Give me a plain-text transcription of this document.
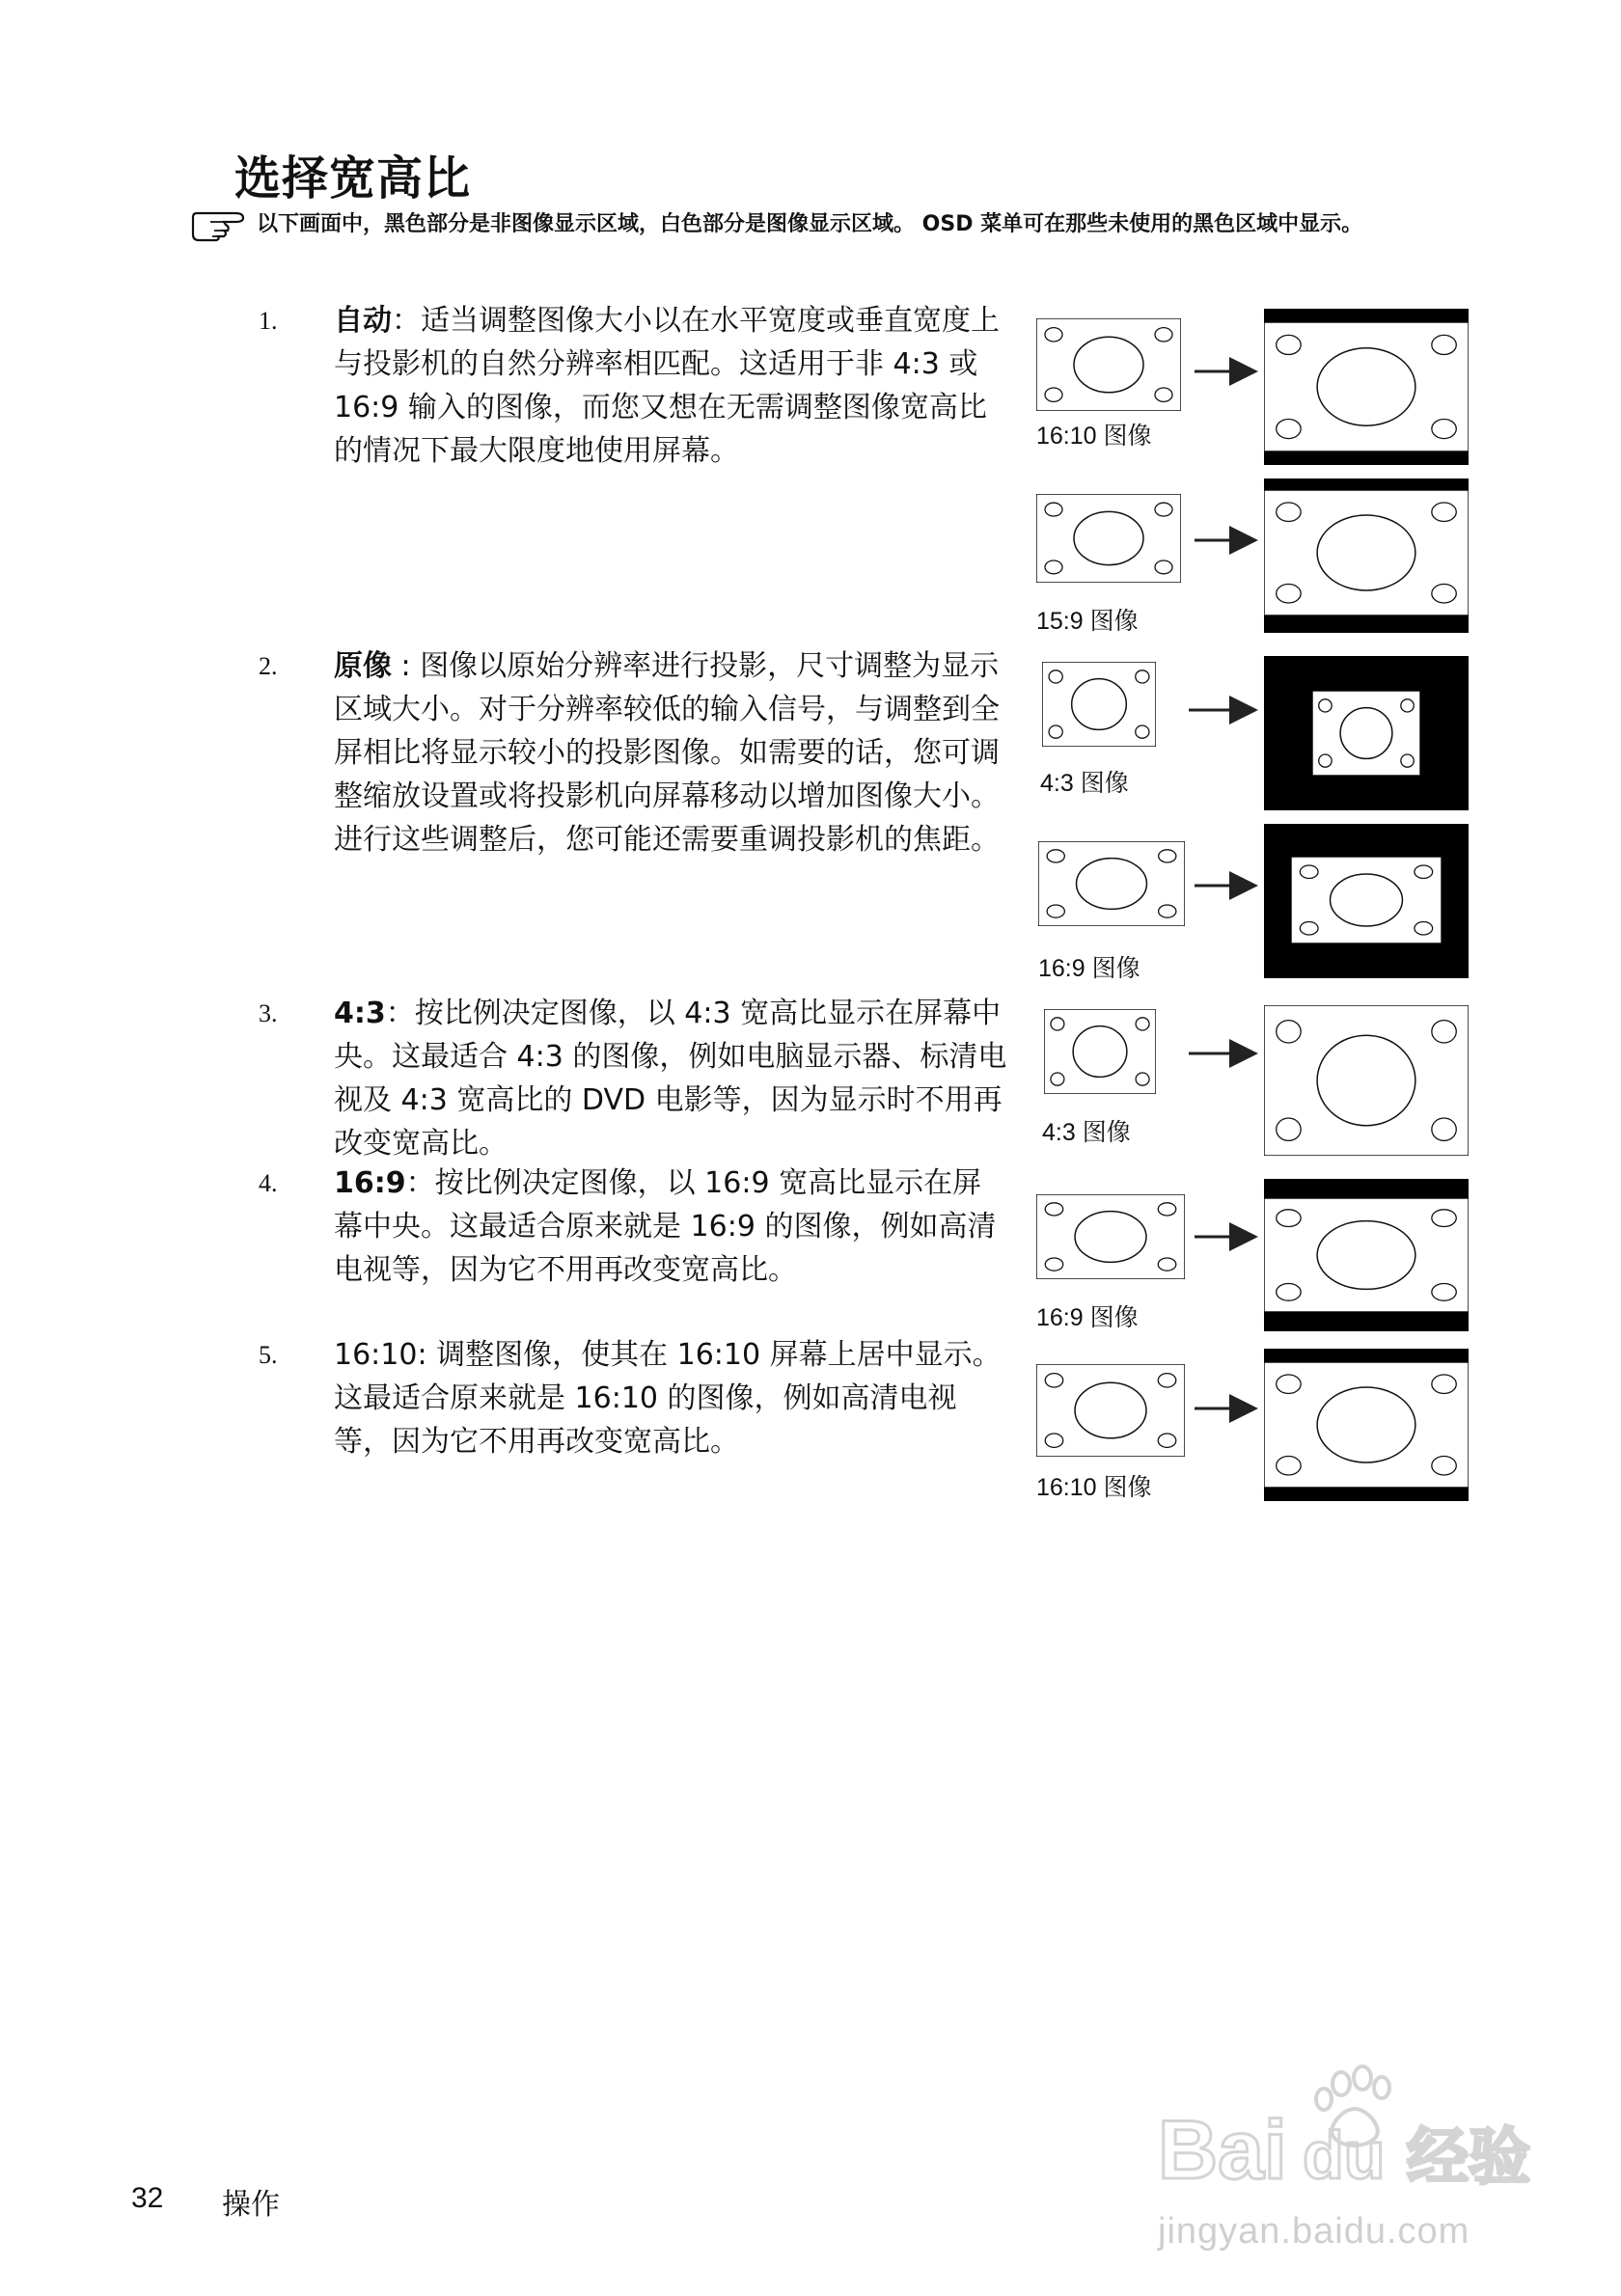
选择宽高比
以下画面中，黑色部分是非图像显示区域，白色部分是图像显示区域。 OSD 菜单可在那些未使用的黑色区域中显示。
1. 自动：适当调整图像大小以在水平宽度或垂直宽度上与投影机的自然分辨率相匹配。这适用于非 4:3 或 16:9 输入的图像，而您又想在无需调整图像宽高比的情况下最大限度地使用屏幕。
2. 原像 : 图像以原始分辨率进行投影，尺寸调整为显示区域大小。对于分辨率较低的输入信号，与调整到全屏相比将显示较小的投影图像。如需要的话，您可调整缩放设置或将投影机向屏幕移动以增加图像大小。进行这些调整后，您可能还需要重调投影机的焦距。
3. 4:3：按比例决定图像，以 4:3 宽高比显示在屏幕中央。这最适合 4:3 的图像，例如电脑显示器、标清电视及 4:3 宽高比的 DVD 电影等，因为显示时不用再改变宽高比。
4. 16:9：按比例决定图像，以 16:9 宽高比显示在屏幕中央。这最适合原来就是 16:9 的图像，例如高清电视等，因为它不用再改变宽高比。
5. 16:10: 调整图像，使其在 16:10 屏幕上居中显示。这最适合原来就是 16:10 的图像，例如高清电视等，因为它不用再改变宽高比。
16:10 图像
15:9 图像
4:3 图像
16:9 图像
4:3 图像
16:9 图像
16:10 图像
32 操作
Bai du 经验
jingyan.baidu.com
